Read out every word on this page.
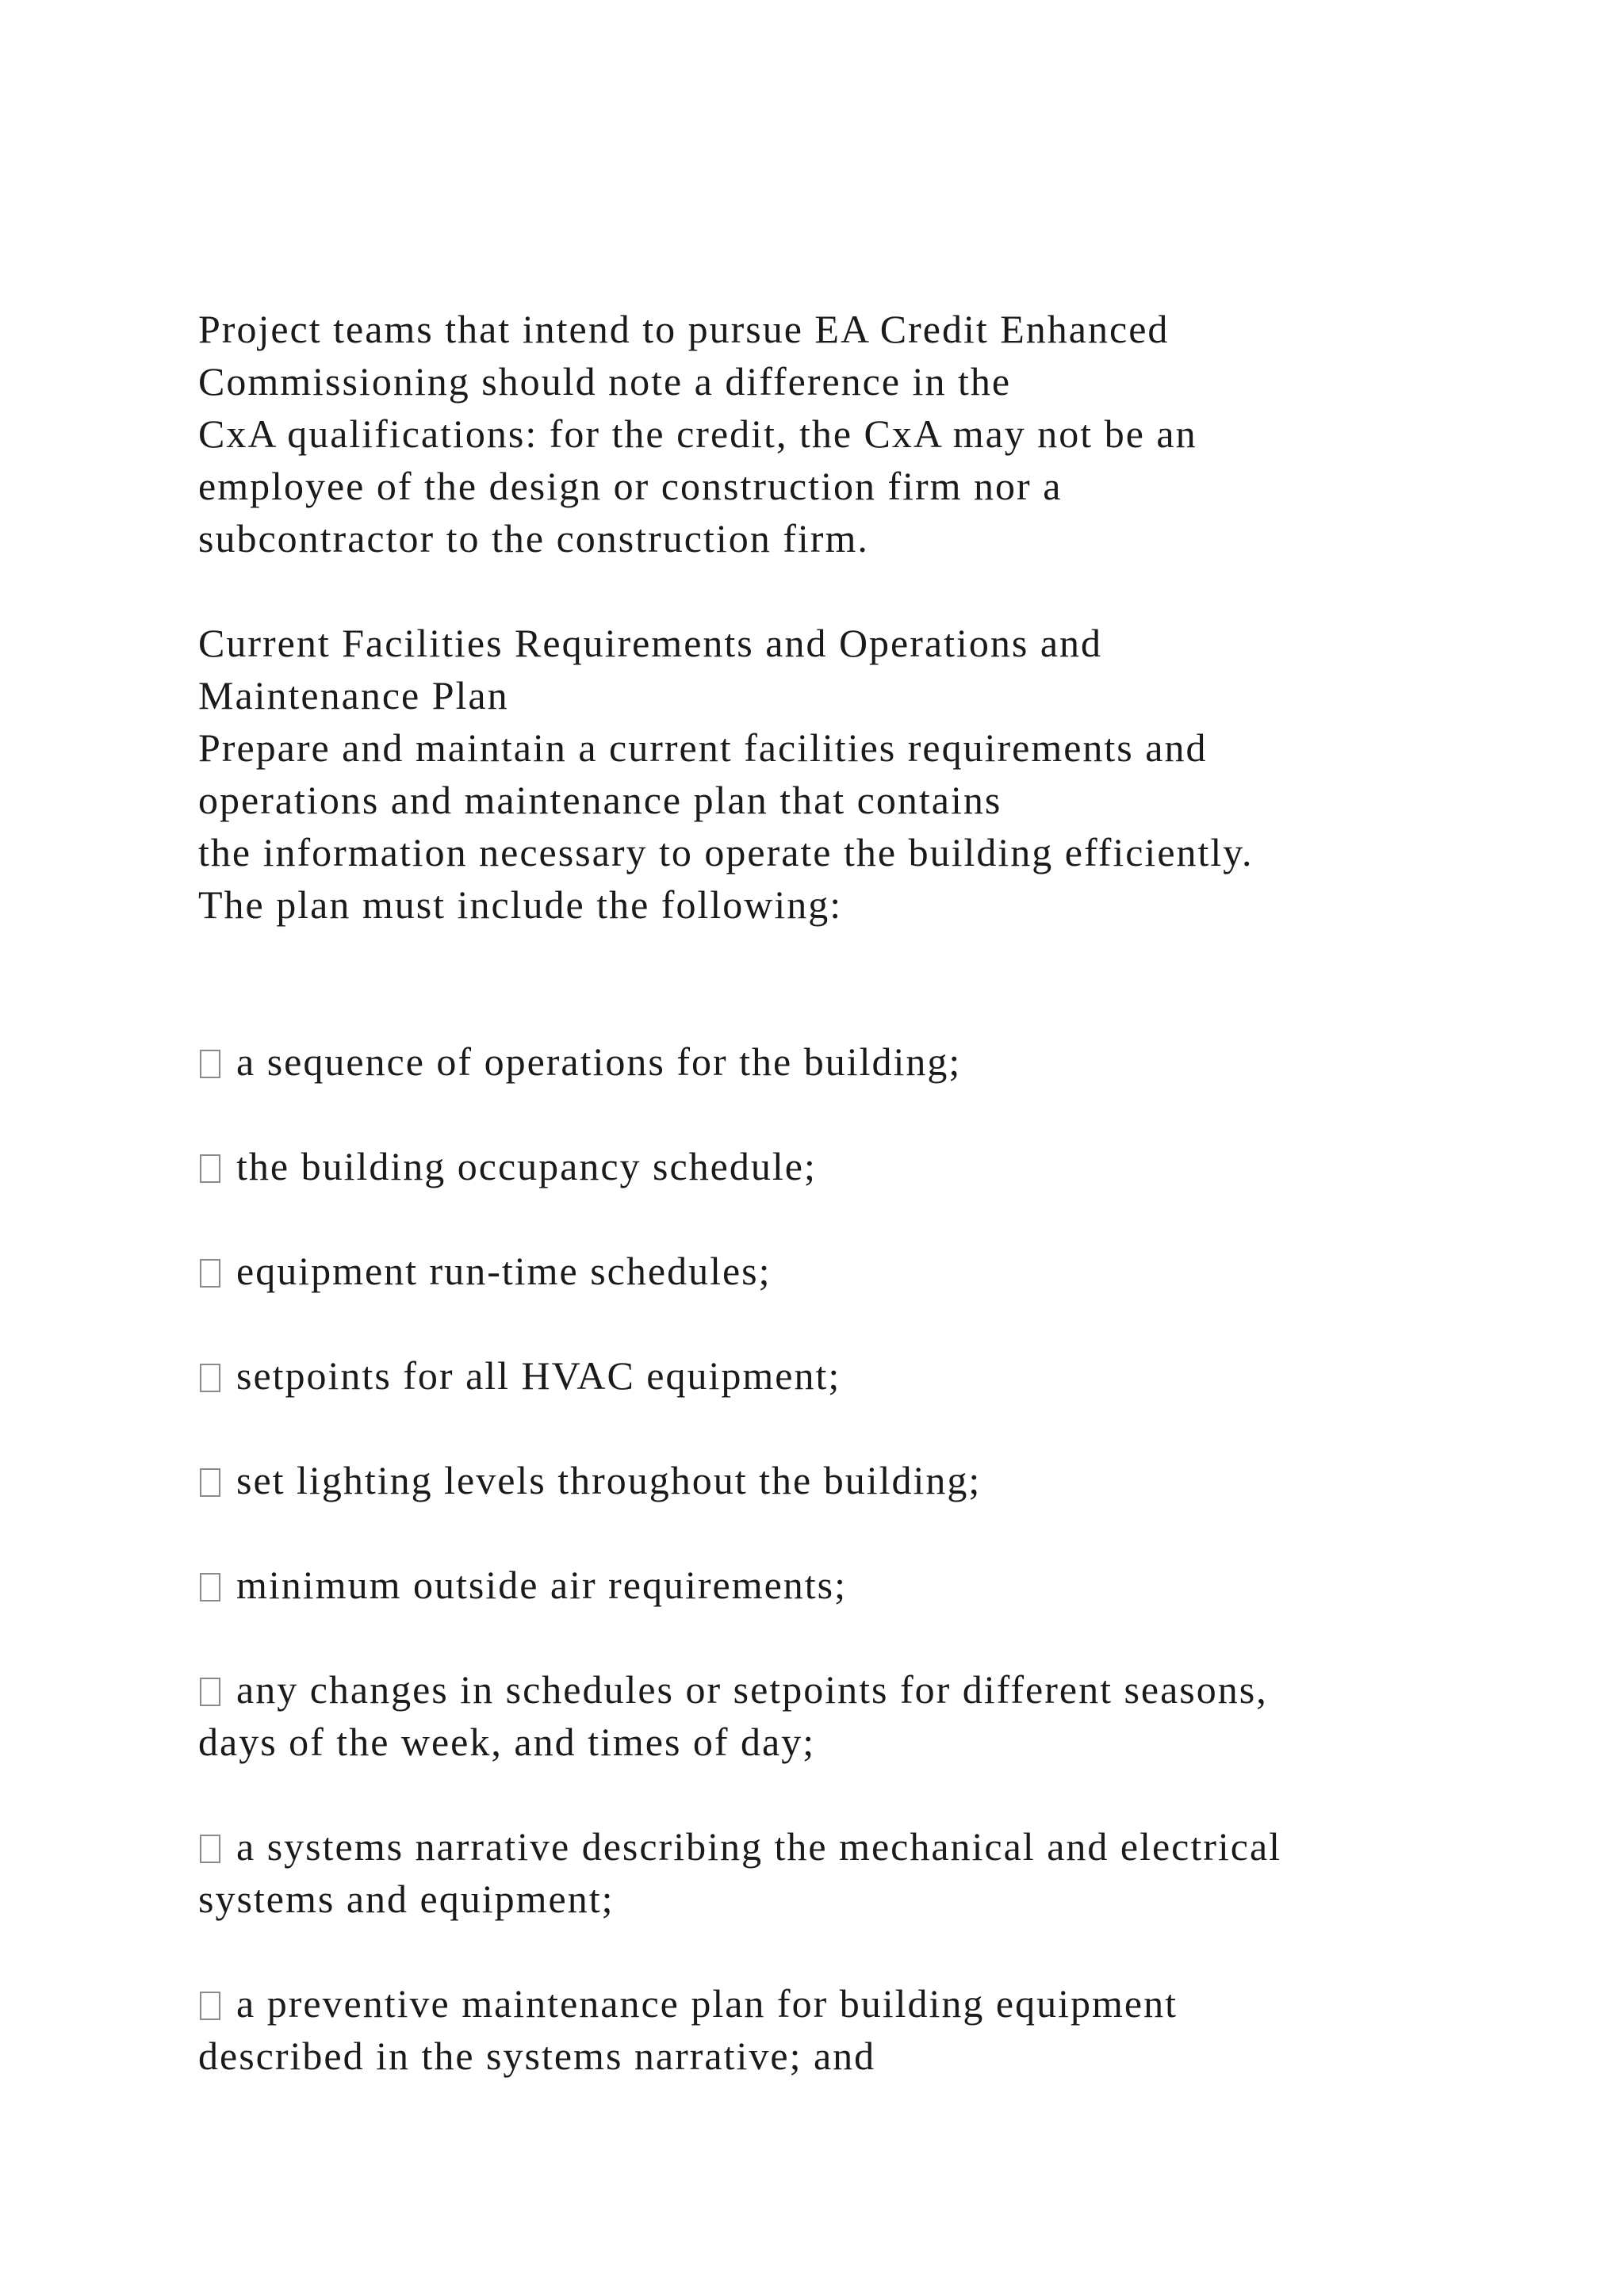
Project teams that intend to pursue EA Credit Enhanced
Commissioning should note a difference in the
CxA qualifications: for the credit, the CxA may not be an
employee of the design or construction firm nor a
subcontractor to the construction firm.

Current Facilities Requirements and Operations and
Maintenance Plan

Prepare and maintain a current facilities requirements and
operations and maintenance plan that contains
the information necessary to operate the building efficiently.
The plan must include the following:

a sequence of operations for the building;

the building occupancy schedule;

equipment run-time schedules;

setpoints for all HVAC equipment;

set lighting levels throughout the building;

minimum outside air requirements;

any changes in schedules or setpoints for different seasons,
days of the week, and times of day;

a systems narrative describing the mechanical and electrical
systems and equipment;

a preventive maintenance plan for building equipment
described in the systems narrative; and
